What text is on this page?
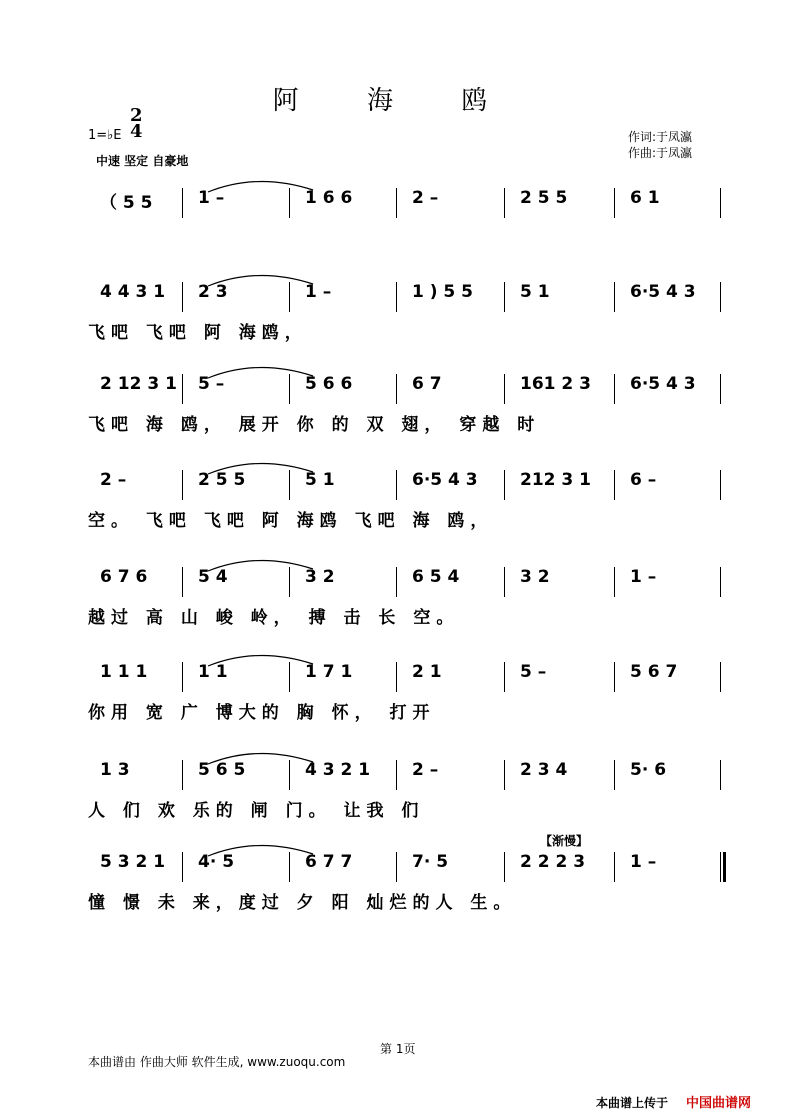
阿 海 鸥
1=♭E
2
4
中速 坚定 自豪地
作词:于凤瀛
作曲:于凤瀛
（ 5 5	1 –	1 6 6	2 –	2 5 5	6 1
4 4 3 1 2 3	1 –	1 ) 5 5	5 1	6·5 4 3
飞吧 飞吧 阿 海鸥，
2 12 3 1 5 –	5 6 6	6 7	161 2 3 6·5 4 3
飞吧 海 鸥， 展开 你 的 双 翅， 穿越 时
2 –	2 5 5	5 1	6·5 4 3 212 3 1 6 –
空。 飞吧 飞吧 阿 海鸥 飞吧 海 鸥，
6 7 6	5 4	3 2	6 5 4	3 2	1 –
越过 高 山 峻 岭， 搏 击 长 空。
1 1 1	1 1	1 7 1	2 1	5 –	5 6 7
你用 宽 广 博大的 胸 怀， 打开
1 3	5 6 5	4 3 2 1 2 –	2 3 4	5· 6
人 们 欢 乐的 闸 门。 让我 们
5 3 2 1 4· 5	6 7 7	7· 5	2 2 2 3	1 –
憧 憬 未 来，度过 夕 阳 灿烂的人 生。
【渐慢】
第 1页
本曲谱由 作曲大师 软件生成, www.zuoqu.com
本曲谱上传于 中国曲谱网
